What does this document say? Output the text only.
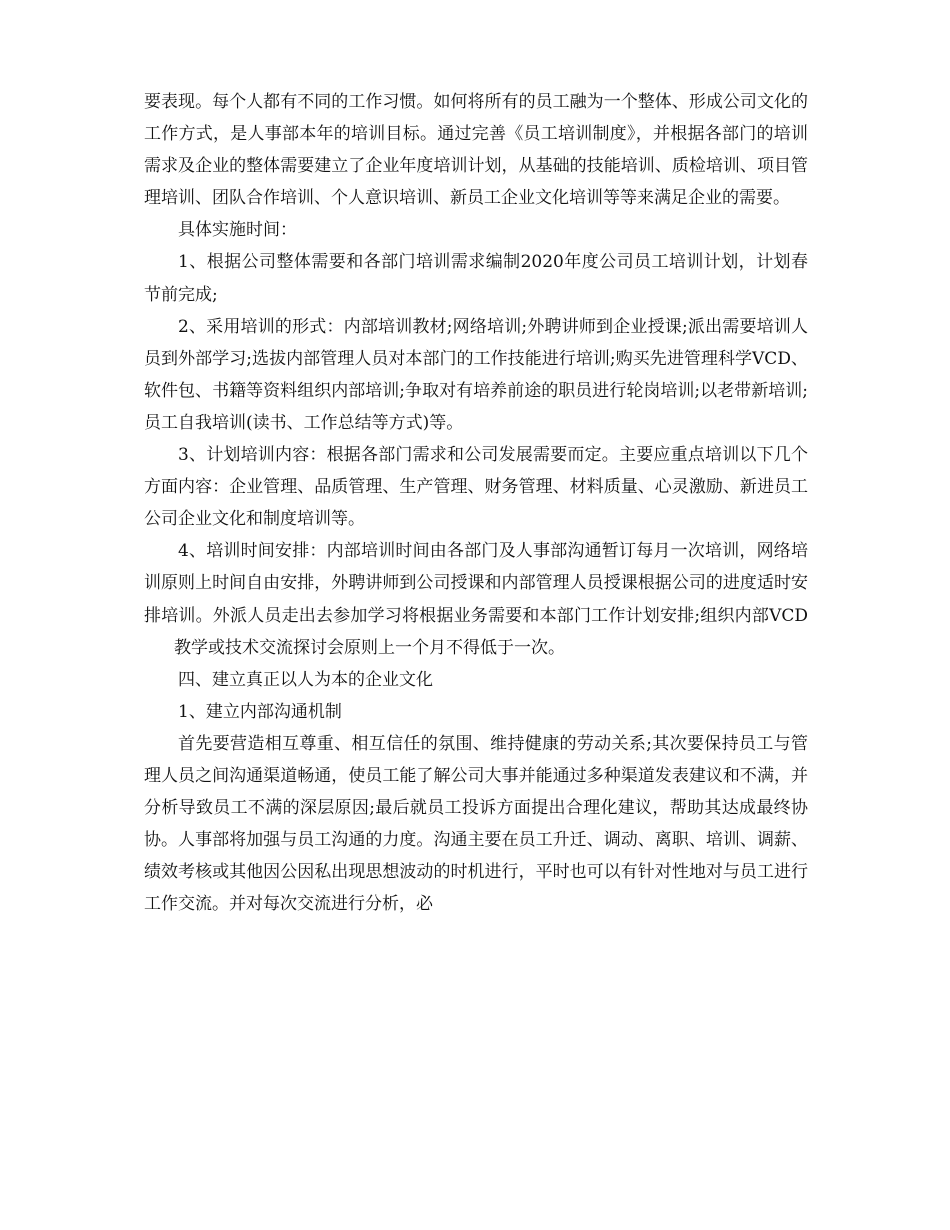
要表现。每个人都有不同的工作习惯。如何将所有的员工融为一个整体、形成公司文化的工作方式，是人事部本年的培训目标。通过完善《员工培训制度》，并根据各部门的培训需求及企业的整体需要建立了企业年度培训计划，从基础的技能培训、质检培训、项目管理培训、团队合作培训、个人意识培训、新员工企业文化培训等等来满足企业的需要。

具体实施时间：

1、根据公司整体需要和各部门培训需求编制2020年度公司员工培训计划，计划春节前完成;

2、采用培训的形式：内部培训教材;网络培训;外聘讲师到企业授课;派出需要培训人员到外部学习;选拔内部管理人员对本部门的工作技能进行培训;购买先进管理科学VCD、软件包、书籍等资料组织内部培训;争取对有培养前途的职员进行轮岗培训;以老带新培训;员工自我培训(读书、工作总结等方式)等。

3、计划培训内容：根据各部门需求和公司发展需要而定。主要应重点培训以下几个方面内容：企业管理、品质管理、生产管理、财务管理、材料质量、心灵激励、新进员工公司企业文化和制度培训等。

4、培训时间安排：内部培训时间由各部门及人事部沟通暂订每月一次培训，网络培训原则上时间自由安排，外聘讲师到公司授课和内部管理人员授课根据公司的进度适时安排培训。外派人员走出去参加学习将根据业务需要和本部门工作计划安排;组织内部VCD教学或技术交流探讨会原则上一个月不得低于一次。

四、建立真正以人为本的企业文化

1、建立内部沟通机制

首先要营造相互尊重、相互信任的氛围、维持健康的劳动关系;其次要保持员工与管理人员之间沟通渠道畅通，使员工能了解公司大事并能通过多种渠道发表建议和不满，并分析导致员工不满的深层原因;最后就员工投诉方面提出合理化建议，帮助其达成最终协协。人事部将加强与员工沟通的力度。沟通主要在员工升迁、调动、离职、培训、调薪、绩效考核或其他因公因私出现思想波动的时机进行，平时也可以有针对性地对与员工进行工作交流。并对每次交流进行分析，必
